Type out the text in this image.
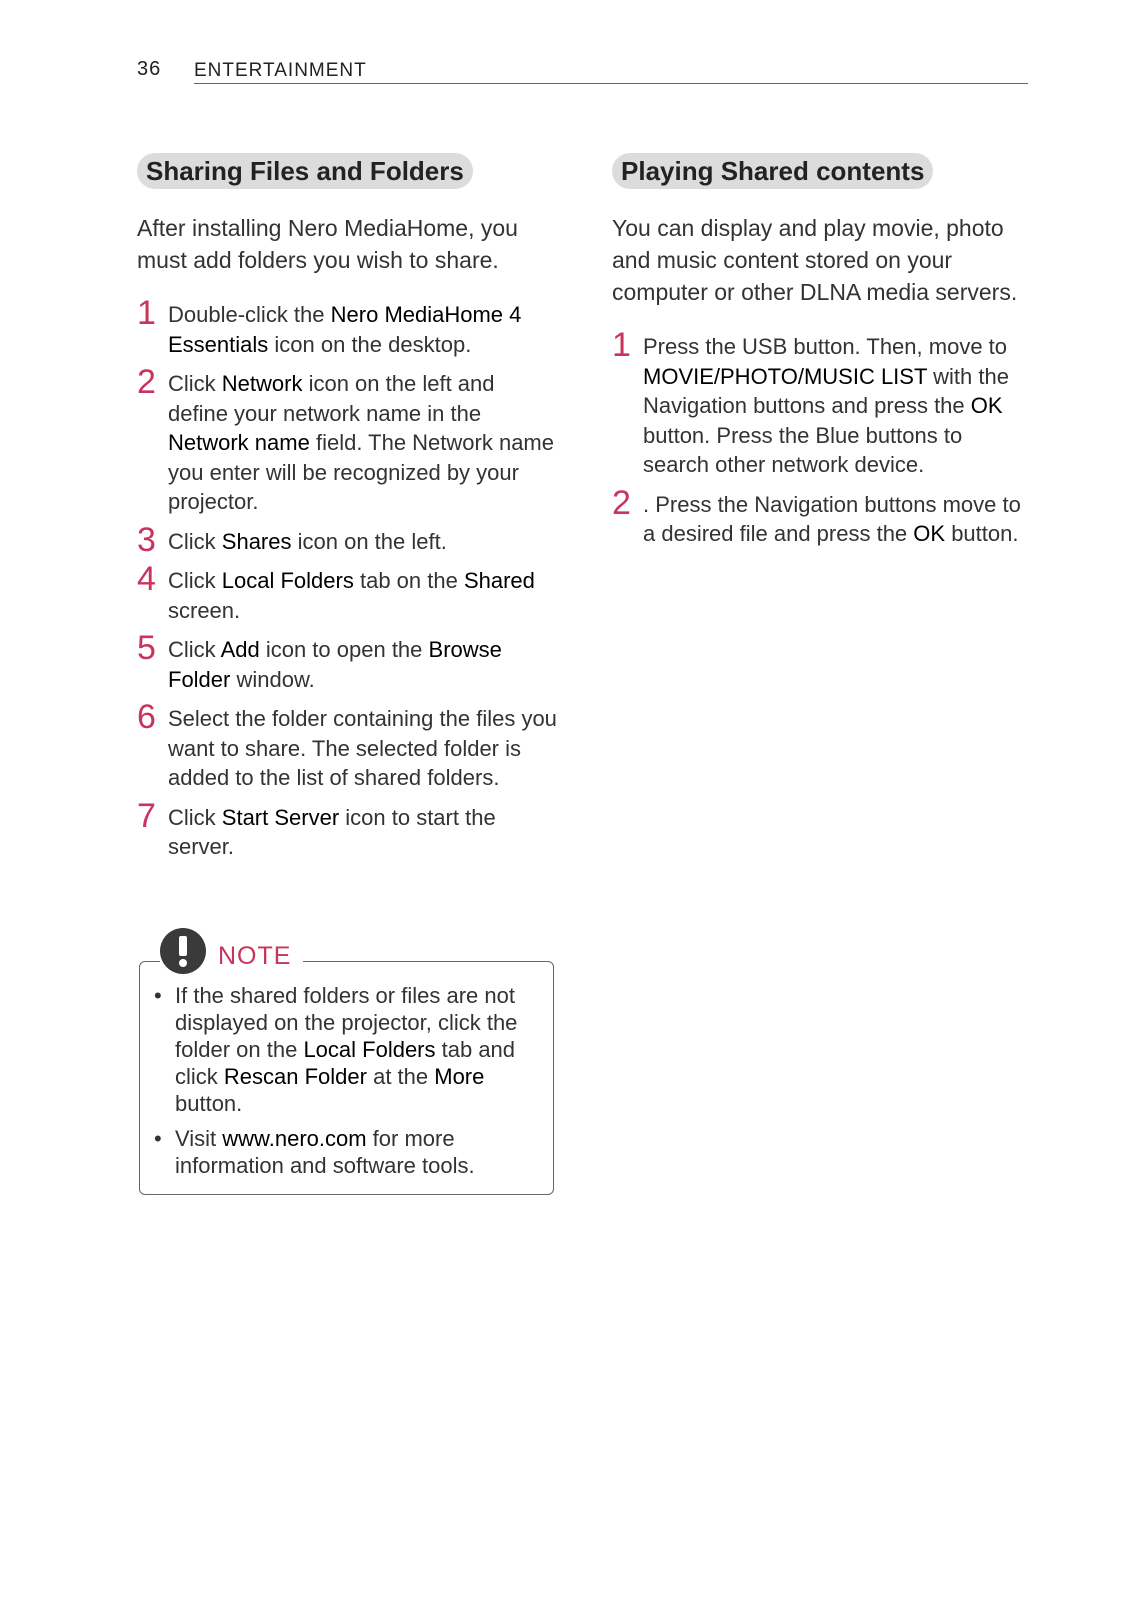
36 ENTERTAINMENT
Sharing Files and Folders
After installing Nero MediaHome, you must add folders you wish to share.
1 Double-click the Nero MediaHome 4 Essentials icon on the desktop.
2 Click Network icon on the left and define your network name in the Network name field. The Network name you enter will be recognized by your projector.
3 Click Shares icon on the left.
4 Click Local Folders tab on the Shared screen.
5 Click Add icon to open the Browse Folder window.
6 Select the folder containing the files you want to share. The selected folder is added to the list of shared folders.
7 Click Start Server icon to start the server.
NOTE
• If the shared folders or files are not displayed on the projector, click the folder on the Local Folders tab and click Rescan Folder at the More button.
• Visit www.nero.com for more information and software tools.
Playing Shared contents
You can display and play movie, photo and music content stored on your computer or other DLNA media servers.
1 Press the USB button. Then, move to MOVIE/PHOTO/MUSIC LIST with the Navigation buttons and press the OK button. Press the Blue buttons to search other network device.
2 . Press the Navigation buttons move to a desired file and press the OK button.
